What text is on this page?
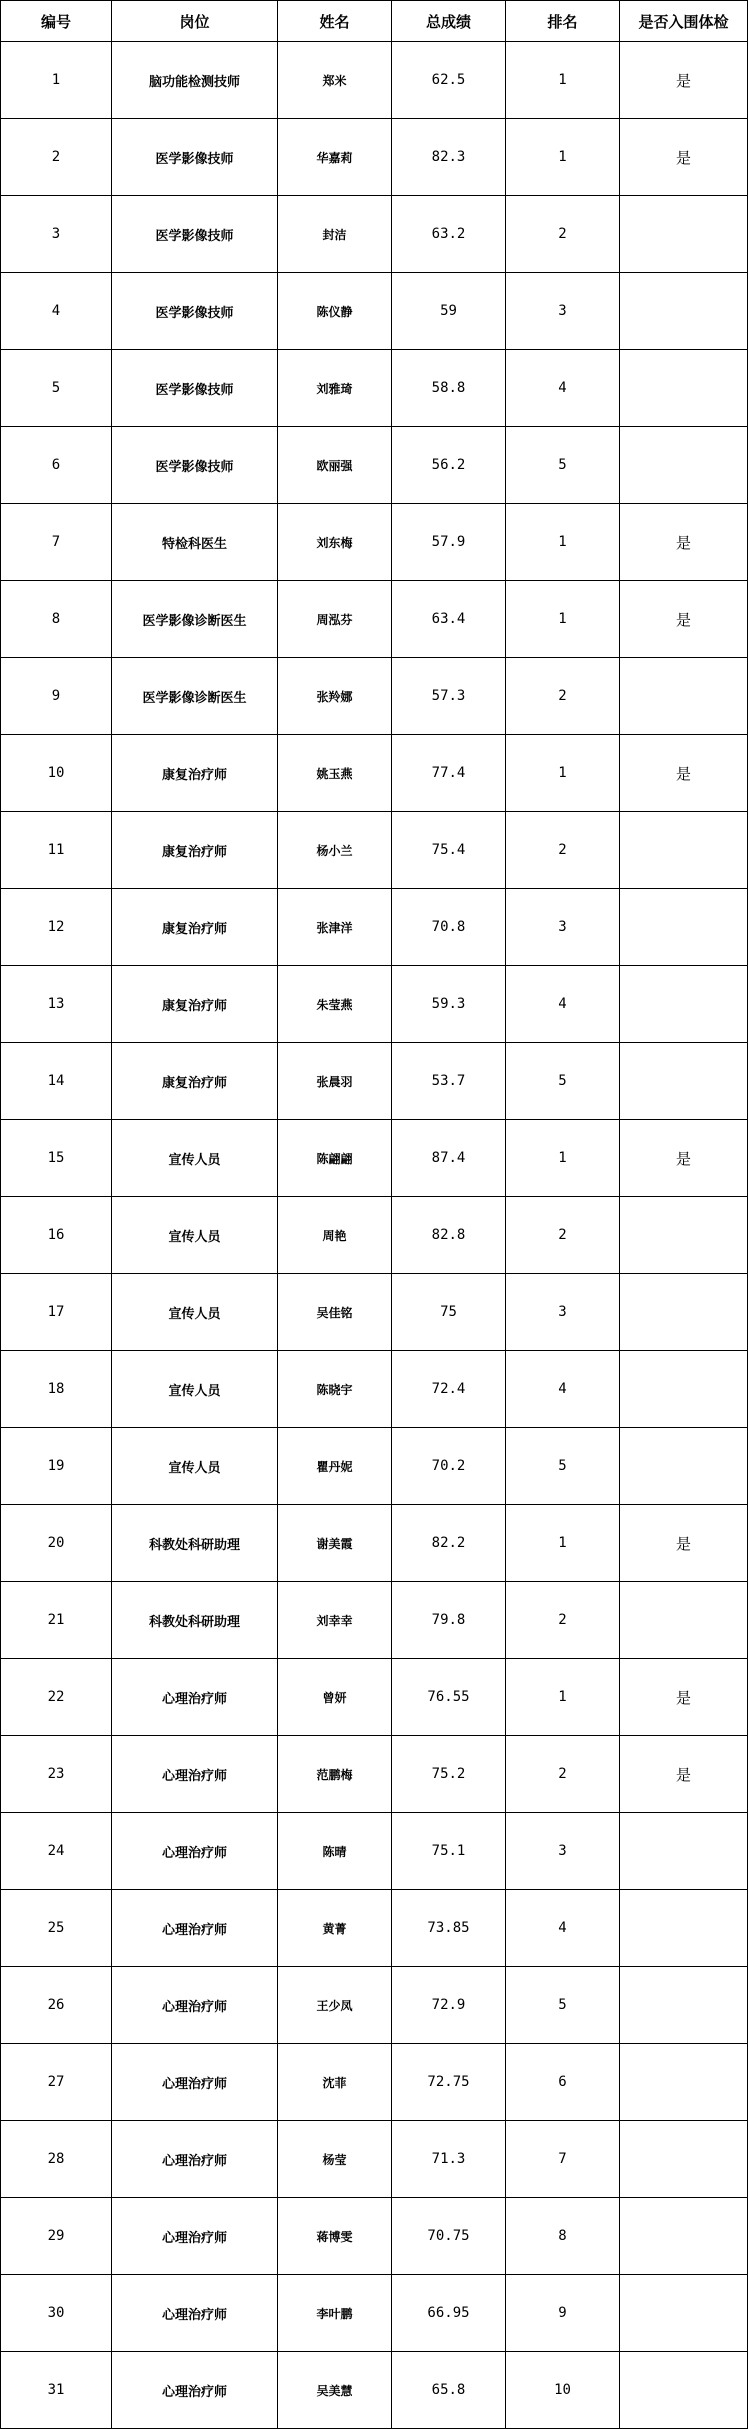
编号	岗位	姓名	总成绩	排名	是否入围体检
1	脑功能检测技师	郑米	62.5	1	是
2	医学影像技师	华嘉莉	82.3	1	是
3	医学影像技师	封洁	63.2	2	
4	医学影像技师	陈仪静	59	3	
5	医学影像技师	刘雅琦	58.8	4	
6	医学影像技师	欧丽强	56.2	5	
7	特检科医生	刘东梅	57.9	1	是
8	医学影像诊断医生	周泓芬	63.4	1	是
9	医学影像诊断医生	张羚娜	57.3	2	
10	康复治疗师	姚玉燕	77.4	1	是
11	康复治疗师	杨小兰	75.4	2	
12	康复治疗师	张津洋	70.8	3	
13	康复治疗师	朱莹燕	59.3	4	
14	康复治疗师	张晨羽	53.7	5	
15	宣传人员	陈翩翩	87.4	1	是
16	宣传人员	周艳	82.8	2	
17	宣传人员	吴佳铭	75	3	
18	宣传人员	陈晓宇	72.4	4	
19	宣传人员	瞿丹妮	70.2	5	
20	科教处科研助理	谢美霞	82.2	1	是
21	科教处科研助理	刘幸幸	79.8	2	
22	心理治疗师	曾妍	76.55	1	是
23	心理治疗师	范鹏梅	75.2	2	是
24	心理治疗师	陈晴	75.1	3	
25	心理治疗师	黄菁	73.85	4	
26	心理治疗师	王少凤	72.9	5	
27	心理治疗师	沈菲	72.75	6	
28	心理治疗师	杨莹	71.3	7	
29	心理治疗师	蒋博雯	70.75	8	
30	心理治疗师	李叶鹏	66.95	9	
31	心理治疗师	吴美慧	65.8	10	
